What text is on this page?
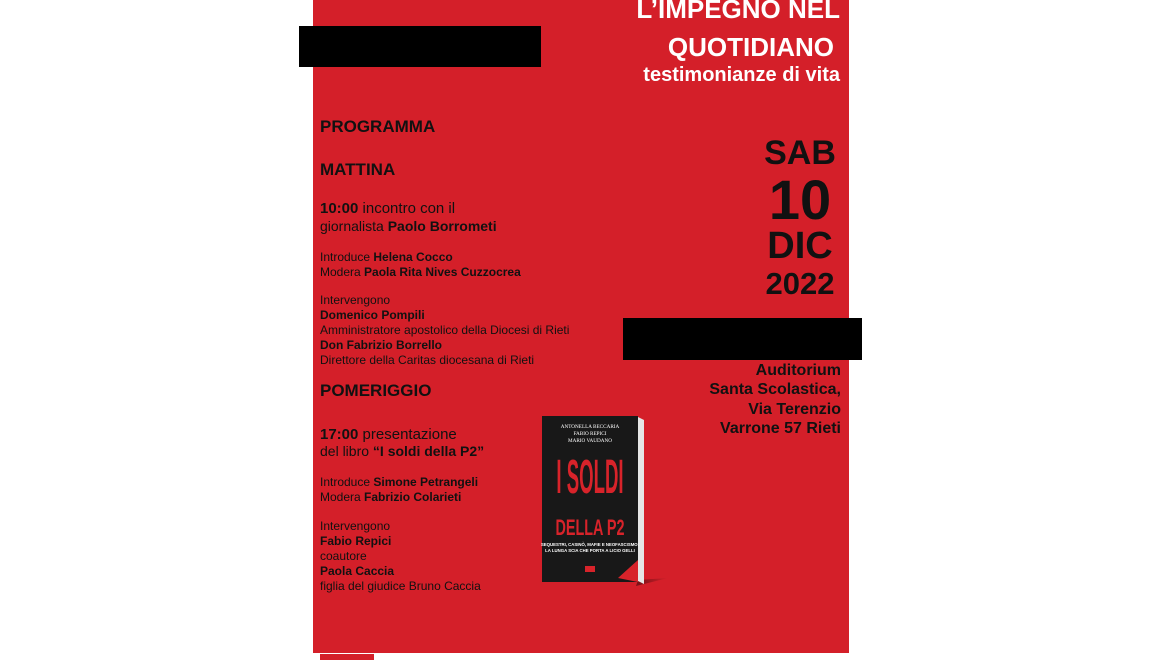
L’IMPEGNO NEL
QUOTIDIANO
testimonianze di vita
SAB
10
DIC
2022
Auditorium
Santa Scolastica,
Via Terenzio
Varrone 57 Rieti
PROGRAMMA
MATTINA
10:00 incontro con il
giornalista Paolo Borrometi
Introduce Helena Cocco
Modera Paola Rita Nives Cuzzocrea
Intervengono
Domenico Pompili
Amministratore apostolico della Diocesi di Rieti
Don Fabrizio Borrello
Direttore della Caritas diocesana di Rieti
POMERIGGIO
17:00 presentazione
del libro “I soldi della P2”
Introduce Simone Petrangeli
Modera Fabrizio Colarieti
Intervengono
Fabio Repici
coautore
Paola Caccia
figlia del giudice Bruno Caccia
ANTONELLA BECCARIA
FABIO REPICI
MARIO VAUDANO
I SOLDI
DELLA P2
SEQUESTRI, CASINÒ, MAFIE E NEOFASCISMO:
LA LUNGA SCIA CHE PORTA A LICIO GELLI
